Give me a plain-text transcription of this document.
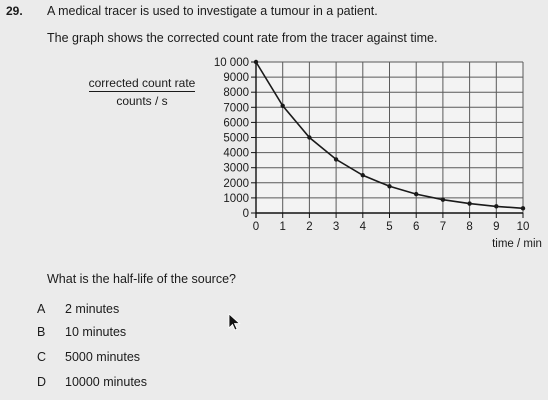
29. A medical tracer is used to investigate a tumour in a patient.
The graph shows the corrected count rate from the tracer against time.
corrected count rate
counts / s
0
1000
2000
3000
4000
5000
6000
7000
8000
9000
10 000
0 1 2 3 4 5 6 7 8 9 10
time / min
What is the half-life of the source?
A 2 minutes
B 10 minutes
C 5000 minutes
D 10000 minutes
